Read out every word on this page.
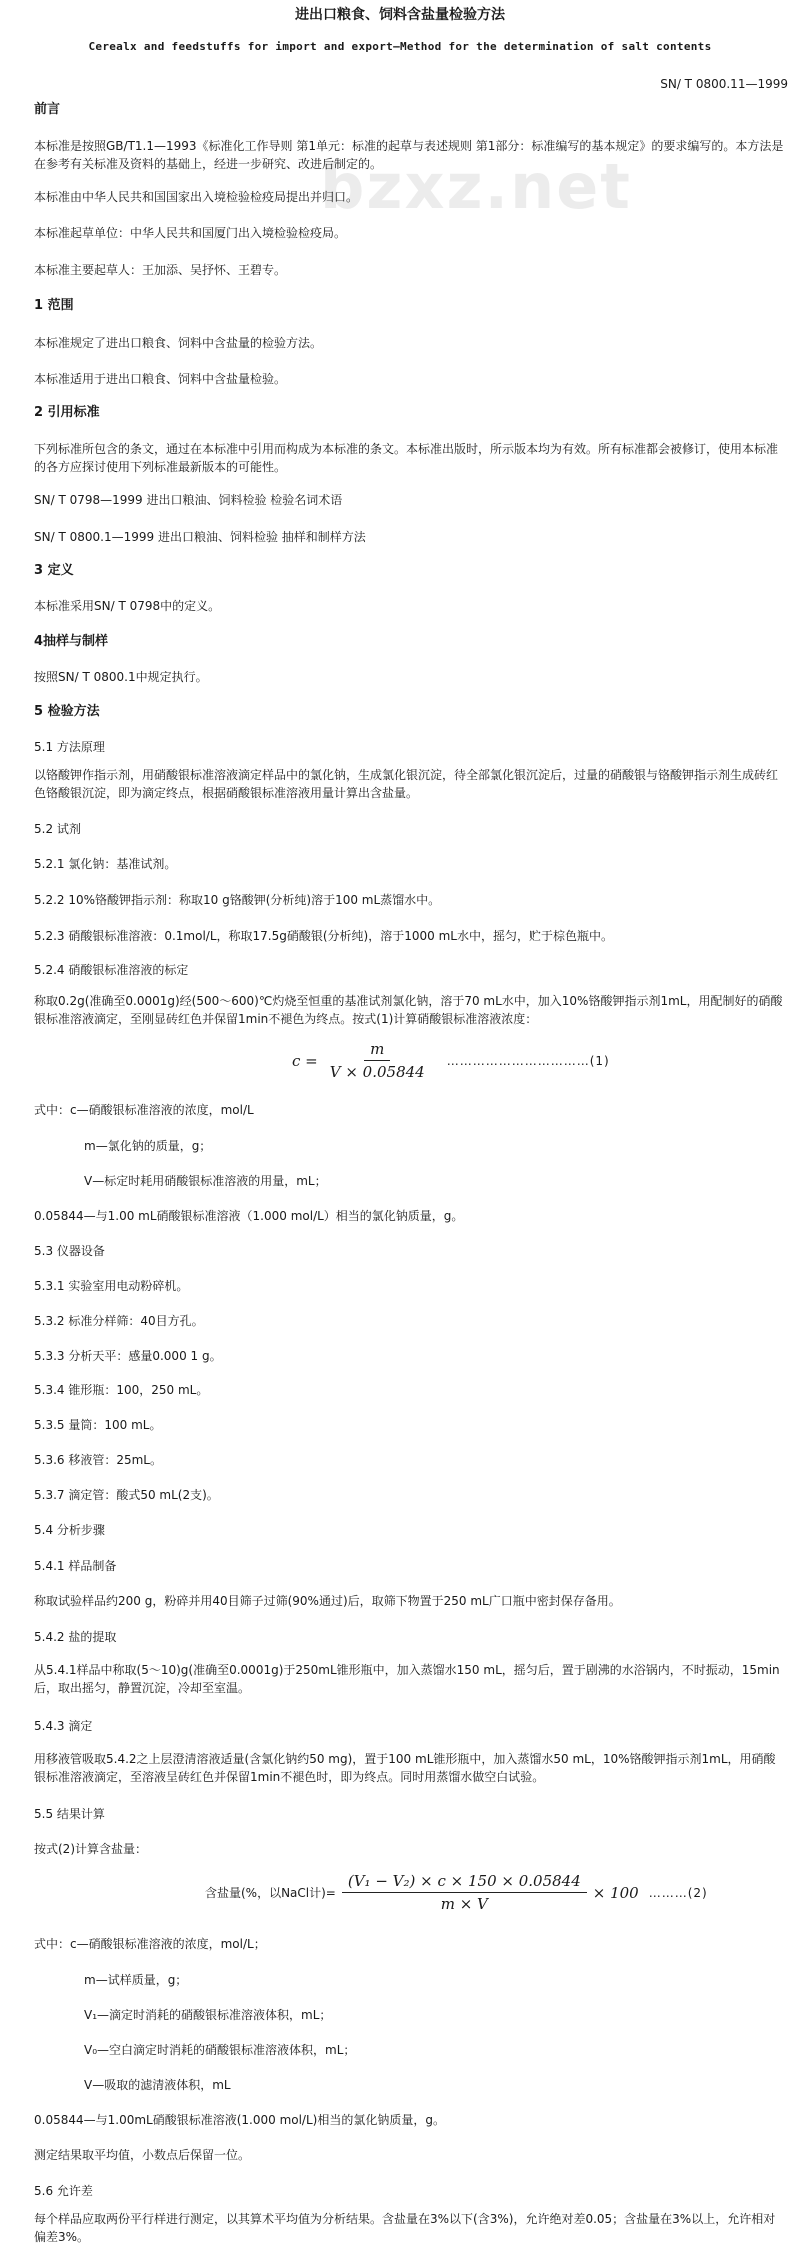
bzxz.net
进出口粮食、饲料含盐量检验方法
Cerealx and feedstuffs for import and export—Method for the determination of salt contents
SN/ T 0800.11—1999
前言
本标准是按照GB/T1.1—1993《标准化工作导则 第1单元：标准的起草与表述规则 第1部分：标准编写的基本规定》的要求编写的。本方法是在参考有关标准及资料的基础上，经进一步研究、改进后制定的。
本标准由中华人民共和国国家出入境检验检疫局提出并归口。
本标准起草单位：中华人民共和国厦门出入境检验检疫局。
本标准主要起草人：王加添、吴抒怀、王碧专。
1 范围
本标准规定了进出口粮食、饲料中含盐量的检验方法。
本标准适用于进出口粮食、饲料中含盐量检验。
2 引用标准
下列标准所包含的条文，通过在本标准中引用而构成为本标准的条文。本标准出版时，所示版本均为有效。所有标准都会被修订，使用本标准的各方应探讨使用下列标准最新版本的可能性。
SN/ T 0798—1999 进出口粮油、饲料检验 检验名词术语
SN/ T 0800.1—1999 进出口粮油、饲料检验 抽样和制样方法
3 定义
本标准采用SN/ T 0798中的定义。
4抽样与制样
按照SN/ T 0800.1中规定执行。
5 检验方法
5.1 方法原理
以铬酸钾作指示剂，用硝酸银标准溶液滴定样品中的氯化钠，生成氯化银沉淀，待全部氯化银沉淀后，过量的硝酸银与铬酸钾指示剂生成砖红色铬酸银沉淀，即为滴定终点，根据硝酸银标准溶液用量计算出含盐量。
5.2 试剂
5.2.1 氯化钠：基准试剂。
5.2.2 10%铬酸钾指示剂：称取10 g铬酸钾(分析纯)溶于100 mL蒸馏水中。
5.2.3 硝酸银标准溶液：0.1mol/L，称取17.5g硝酸银(分析纯)，溶于1000 mL水中，摇匀，贮于棕色瓶中。
5.2.4 硝酸银标准溶液的标定
称取0.2g(准确至0.0001g)经(500～600)℃灼烧至恒重的基准试剂氯化钠，溶于70 mL水中，加入10%铬酸钾指示剂1mL，用配制好的硝酸银标准溶液滴定，至刚显砖红色并保留1min不褪色为终点。按式(1)计算硝酸银标准溶液浓度：
$c = \frac{m}{V \times 0.05844}$ ……………………………(1)
式中：c—硝酸银标准溶液的浓度，mol/L
m—氯化钠的质量，g；
V—标定时耗用硝酸银标准溶液的用量，mL；
0.05844—与1.00 mL硝酸银标准溶液（1.000 mol/L）相当的氯化钠质量，g。
5.3 仪器设备
5.3.1 实验室用电动粉碎机。
5.3.2 标准分样筛：40目方孔。
5.3.3 分析天平：感量0.000 1 g。
5.3.4 锥形瓶：100，250 mL。
5.3.5 量筒：100 mL。
5.3.6 移液管：25mL。
5.3.7 滴定管：酸式50 mL(2支)。
5.4 分析步骤
5.4.1 样品制备
称取试验样品约200 g，粉碎并用40目筛子过筛(90%通过)后，取筛下物置于250 mL广口瓶中密封保存备用。
5.4.2 盐的提取
从5.4.1样品中称取(5～10)g(准确至0.0001g)于250mL锥形瓶中，加入蒸馏水150 mL，摇匀后，置于剧沸的水浴锅内，不时振动，15min后，取出摇匀，静置沉淀，冷却至室温。
5.4.3 滴定
用移液管吸取5.4.2之上层澄清溶液适量(含氯化钠约50 mg)，置于100 mL锥形瓶中，加入蒸馏水50 mL，10%铬酸钾指示剂1mL，用硝酸银标准溶液滴定，至溶液呈砖红色并保留1min不褪色时，即为终点。同时用蒸馏水做空白试验。
5.5 结果计算
按式(2)计算含盐量：
含盐量(%，以NaCl计)= $\frac{\text{(V₁ − V₂) × c × 150 × 0.05844}}{m \times V} \times 100$ ………(2)
式中：c—硝酸银标准溶液的浓度，mol/L；
m—试样质量，g；
V₁—滴定时消耗的硝酸银标准溶液体积，mL；
V₀—空白滴定时消耗的硝酸银标准溶液体积，mL；
V—吸取的滤清液体积，mL
0.05844—与1.00mL硝酸银标准溶液(1.000 mol/L)相当的氯化钠质量，g。
测定结果取平均值，小数点后保留一位。
5.6 允许差
每个样品应取两份平行样进行测定，以其算术平均值为分析结果。含盐量在3%以下(含3%)，允许绝对差0.05；含盐量在3%以上，允许相对偏差3%。
